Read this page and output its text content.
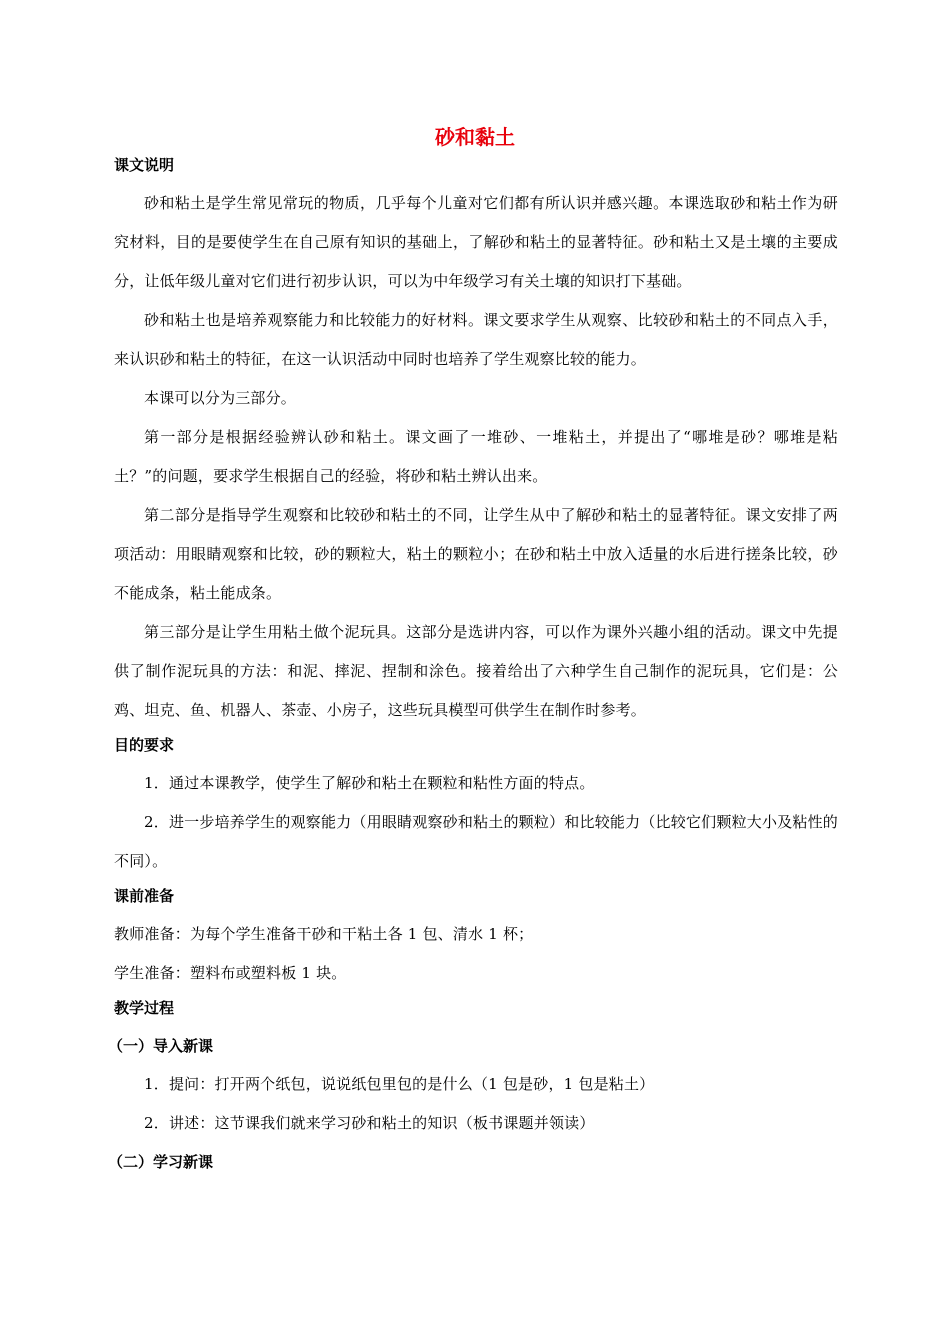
砂和黏土
课文说明

砂和粘土是学生常见常玩的物质，几乎每个儿童对它们都有所认识并感兴趣。本课选取砂和粘土作为研究材料，目的是要使学生在自己原有知识的基础上，了解砂和粘土的显著特征。砂和粘土又是土壤的主要成分，让低年级儿童对它们进行初步认识，可以为中年级学习有关土壤的知识打下基础。

砂和粘土也是培养观察能力和比较能力的好材料。课文要求学生从观察、比较砂和粘土的不同点入手，来认识砂和粘土的特征，在这一认识活动中同时也培养了学生观察比较的能力。

本课可以分为三部分。

第一部分是根据经验辨认砂和粘土。课文画了一堆砂、一堆粘土，并提出了“哪堆是砂？哪堆是粘土？”的问题，要求学生根据自己的经验，将砂和粘土辨认出来。

第二部分是指导学生观察和比较砂和粘土的不同，让学生从中了解砂和粘土的显著特征。课文安排了两项活动：用眼睛观察和比较，砂的颗粒大，粘土的颗粒小；在砂和粘土中放入适量的水后进行搓条比较，砂不能成条，粘土能成条。

第三部分是让学生用粘土做个泥玩具。这部分是选讲内容，可以作为课外兴趣小组的活动。课文中先提供了制作泥玩具的方法：和泥、摔泥、捏制和涂色。接着给出了六种学生自己制作的泥玩具，它们是：公鸡、坦克、鱼、机器人、茶壶、小房子，这些玩具模型可供学生在制作时参考。

目的要求

1．通过本课教学，使学生了解砂和粘土在颗粒和粘性方面的特点。

2．进一步培养学生的观察能力（用眼睛观察砂和粘土的颗粒）和比较能力（比较它们颗粒大小及粘性的不同）。

课前准备

教师准备：为每个学生准备干砂和干粘土各 1 包、清水 1 杯；

学生准备：塑料布或塑料板 1 块。

教学过程
（一）导入新课

1．提问：打开两个纸包，说说纸包里包的是什么（1 包是砂，1 包是粘土）

2．讲述：这节课我们就来学习砂和粘土的知识（板书课题并领读）

（二）学习新课
